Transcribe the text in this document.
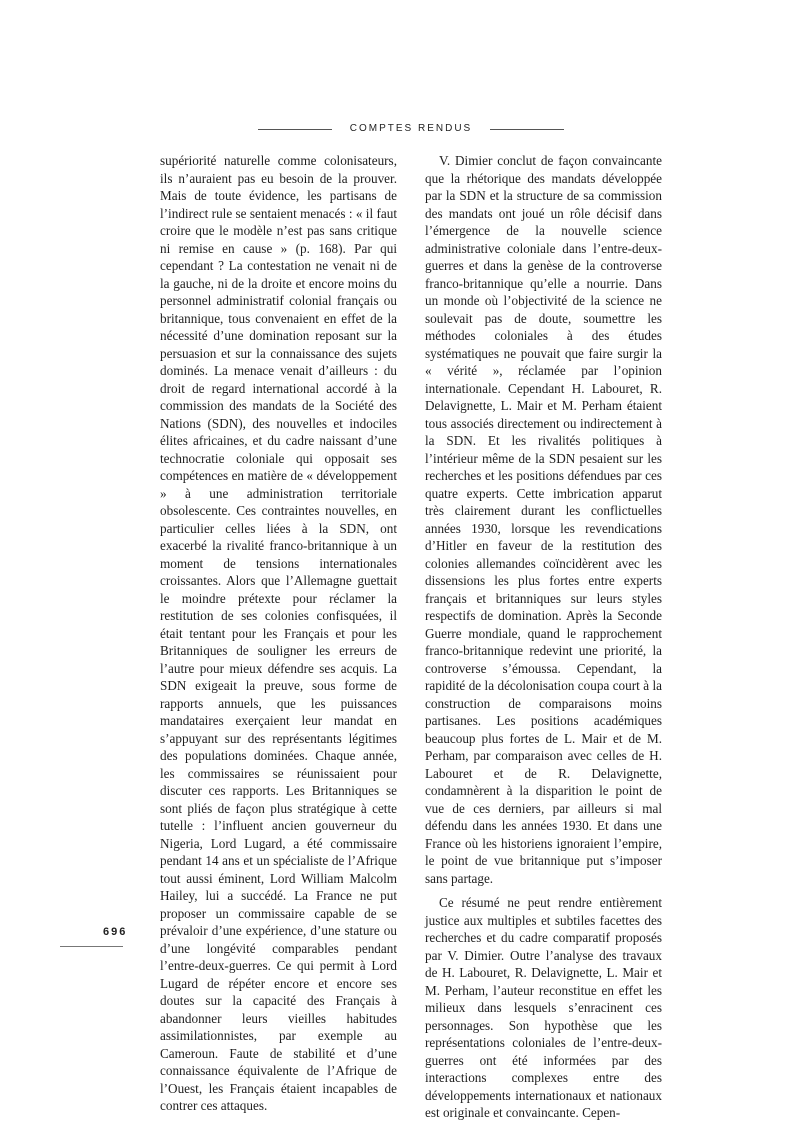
COMPTES RENDUS

supériorité naturelle comme colonisateurs, ils n’auraient pas eu besoin de la prouver. Mais de toute évidence, les partisans de l’indirect rule se sentaient menacés : « il faut croire que le modèle n’est pas sans critique ni remise en cause » (p. 168). Par qui cependant ? La contestation ne venait ni de la gauche, ni de la droite et encore moins du personnel administratif colonial français ou britannique, tous convenaient en effet de la nécessité d’une domination reposant sur la persuasion et sur la connaissance des sujets dominés. La menace venait d’ailleurs : du droit de regard international accordé à la commission des mandats de la Société des Nations (SDN), des nouvelles et indociles élites africaines, et du cadre naissant d’une technocratie coloniale qui opposait ses compétences en matière de « développement » à une administration territoriale obsolescente. Ces contraintes nouvelles, en particulier celles liées à la SDN, ont exacerbé la rivalité franco-britannique à un moment de tensions internationales croissantes. Alors que l’Allemagne guettait le moindre prétexte pour réclamer la restitution de ses colonies confisquées, il était tentant pour les Français et pour les Britanniques de souligner les erreurs de l’autre pour mieux défendre ses acquis. La SDN exigeait la preuve, sous forme de rapports annuels, que les puissances mandataires exerçaient leur mandat en s’appuyant sur des représentants légitimes des populations dominées. Chaque année, les commissaires se réunissaient pour discuter ces rapports. Les Britanniques se sont pliés de façon plus stratégique à cette tutelle : l’influent ancien gouverneur du Nigeria, Lord Lugard, a été commissaire pendant 14 ans et un spécialiste de l’Afrique tout aussi éminent, Lord William Malcolm Hailey, lui a succédé. La France ne put proposer un commissaire capable de se prévaloir d’une expérience, d’une stature ou d’une longévité comparables pendant l’entre-deux-guerres. Ce qui permit à Lord Lugard de répéter encore et encore ses doutes sur la capacité des Français à abandonner leurs vieilles habitudes assimilationnistes, par exemple au Cameroun. Faute de stabilité et d’une connaissance équivalente de l’Afrique de l’Ouest, les Français étaient incapables de contrer ces attaques.

V. Dimier conclut de façon convaincante que la rhétorique des mandats développée par la SDN et la structure de sa commission des mandats ont joué un rôle décisif dans l’émergence de la nouvelle science administrative coloniale dans l’entre-deux-guerres et dans la genèse de la controverse franco-britannique qu’elle a nourrie. Dans un monde où l’objectivité de la science ne soulevait pas de doute, soumettre les méthodes coloniales à des études systématiques ne pouvait que faire surgir la « vérité », réclamée par l’opinion internationale. Cependant H. Labouret, R. Delavignette, L. Mair et M. Perham étaient tous associés directement ou indirectement à la SDN. Et les rivalités politiques à l’intérieur même de la SDN pesaient sur les recherches et les positions défendues par ces quatre experts. Cette imbrication apparut très clairement durant les conflictuelles années 1930, lorsque les revendications d’Hitler en faveur de la restitution des colonies allemandes coïncidèrent avec les dissensions les plus fortes entre experts français et britanniques sur leurs styles respectifs de domination. Après la Seconde Guerre mondiale, quand le rapprochement franco-britannique redevint une priorité, la controverse s’émoussa. Cependant, la rapidité de la décolonisation coupa court à la construction de comparaisons moins partisanes. Les positions académiques beaucoup plus fortes de L. Mair et de M. Perham, par comparaison avec celles de H. Labouret et de R. Delavignette, condamnèrent à la disparition le point de vue de ces derniers, par ailleurs si mal défendu dans les années 1930. Et dans une France où les historiens ignoraient l’empire, le point de vue britannique put s’imposer sans partage.

Ce résumé ne peut rendre entièrement justice aux multiples et subtiles facettes des recherches et du cadre comparatif proposés par V. Dimier. Outre l’analyse des travaux de H. Labouret, R. Delavignette, L. Mair et M. Perham, l’auteur reconstitue en effet les milieux dans lesquels s’enracinent ces personnages. Son hypothèse que les représentations coloniales de l’entre-deux-guerres ont été informées par des interactions complexes entre des développements internationaux et nationaux est originale et convaincante. Cepen-

696
